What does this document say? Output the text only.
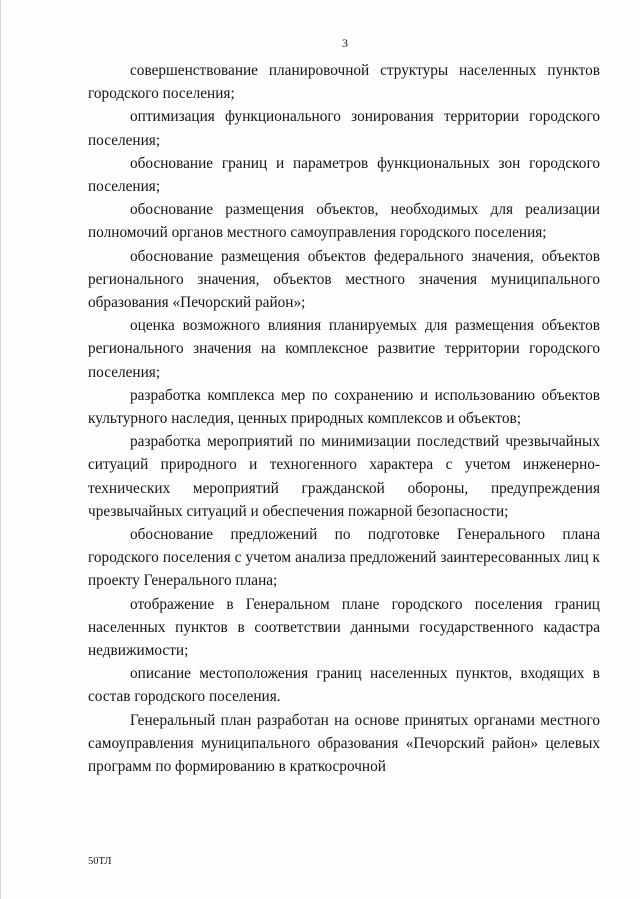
3

совершенствование планировочной структуры населенных пунктов городского поселения;

оптимизация функционального зонирования территории городского поселения;

обоснование границ и параметров функциональных зон городского поселения;

обоснование размещения объектов, необходимых для реализации полномочий органов местного самоуправления городского поселения;

обоснование размещения объектов федерального значения, объектов регионального значения, объектов местного значения муниципального образования «Печорский район»;

оценка возможного влияния планируемых для размещения объектов регионального значения на комплексное развитие территории городского поселения;

разработка комплекса мер по сохранению и использованию объектов культурного наследия, ценных природных комплексов и объектов;

разработка мероприятий по минимизации последствий чрезвычайных ситуаций природного и техногенного характера с учетом инженерно-технических мероприятий гражданской обороны, предупреждения чрезвычайных ситуаций и обеспечения пожарной безопасности;

обоснование предложений по подготовке Генерального плана городского поселения с учетом анализа предложений заинтересованных лиц к проекту Генерального плана;

отображение в Генеральном плане городского поселения границ населенных пунктов в соответствии данными государственного кадастра недвижимости;

описание местоположения границ населенных пунктов, входящих в состав городского поселения.

Генеральный план разработан на основе принятых органами местного самоуправления муниципального образования «Печорский район» целевых программ по формированию в краткосрочной

50ТЛ
